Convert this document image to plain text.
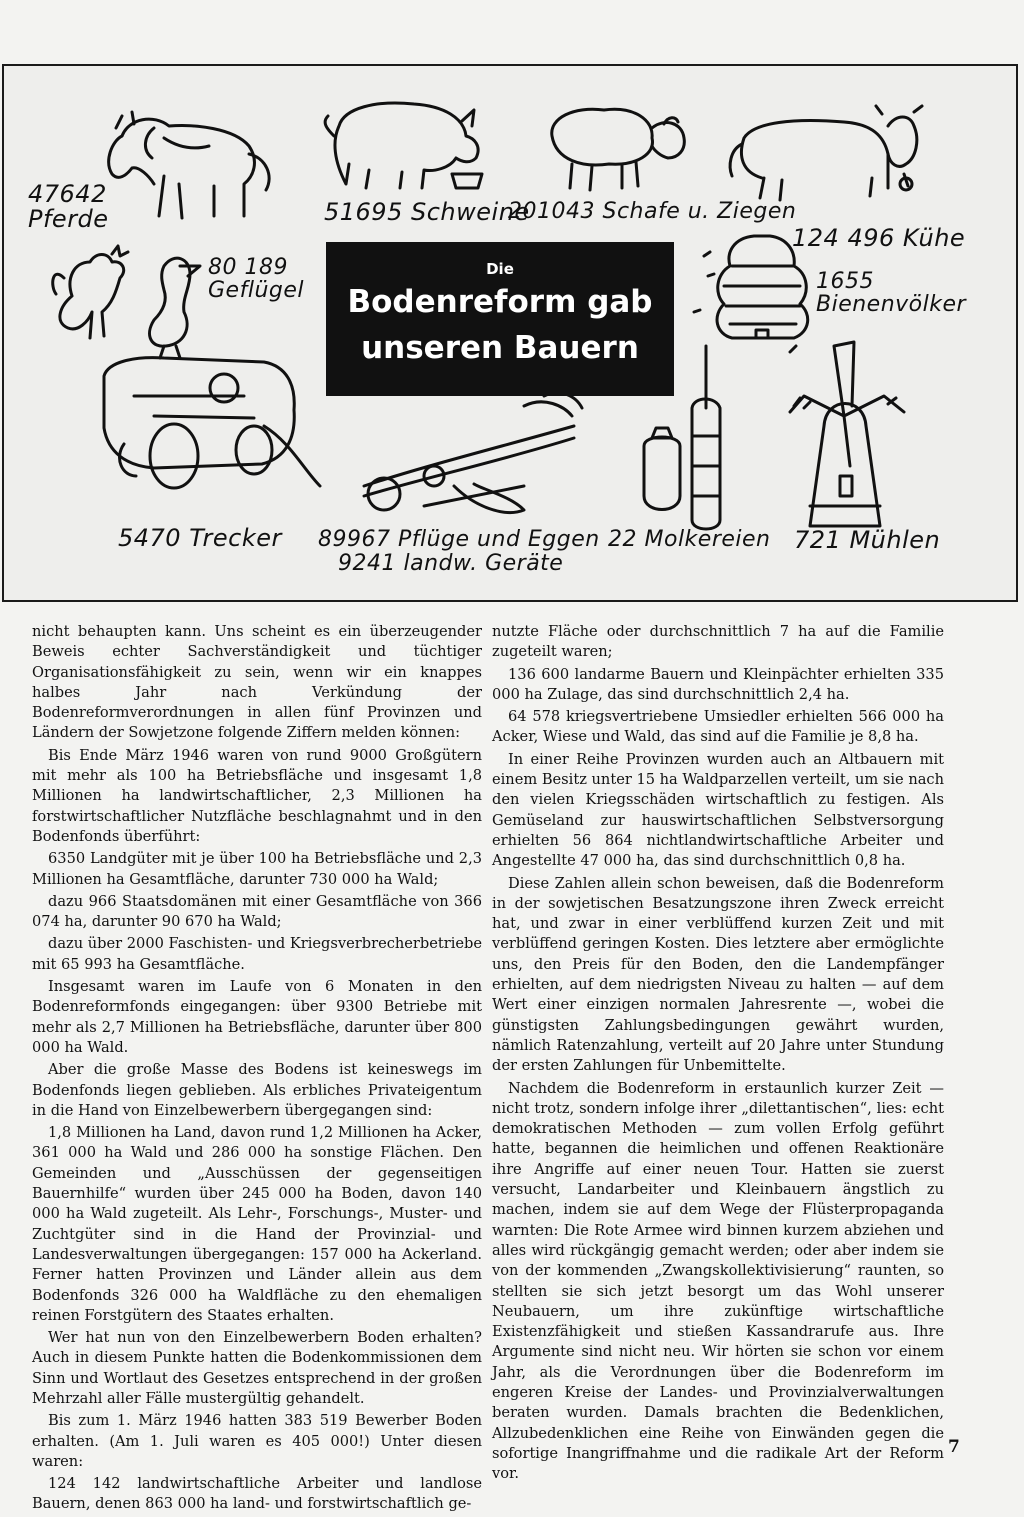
Die
Bodenreform gab
unseren Bauern
47642
Pferde	51695 Schweine
201043 Schafe u. Ziegen
124 496 Kühe
80 189
Geflügel	1655
Bienenvölker
5470 Trecker 89967 Pflüge und Eggen
9241 landw. Geräte
22 Molkereien 721 Mühlen

nicht behaupten kann. Uns scheint es ein überzeugender Beweis echter Sachverständigkeit und tüchtiger Organisationsfähigkeit zu sein, wenn wir ein knappes halbes Jahr nach Verkündung der Bodenreformverordnungen in allen fünf Provinzen und Ländern der Sowjetzone folgende Ziffern melden können:

Bis Ende März 1946 waren von rund 9000 Großgütern mit mehr als 100 ha Betriebsfläche und insgesamt 1,8 Millionen ha landwirtschaftlicher, 2,3 Millionen ha forstwirtschaftlicher Nutzfläche beschlagnahmt und in den Bodenfonds überführt:

6350 Landgüter mit je über 100 ha Betriebsfläche und 2,3 Millionen ha Gesamtfläche, darunter 730 000 ha Wald;

dazu 966 Staatsdomänen mit einer Gesamtfläche von 366 074 ha, darunter 90 670 ha Wald;

dazu über 2000 Faschisten- und Kriegsverbrecherbetriebe mit 65 993 ha Gesamtfläche.

Insgesamt waren im Laufe von 6 Monaten in den Bodenreformfonds eingegangen: über 9300 Betriebe mit mehr als 2,7 Millionen ha Betriebsfläche, darunter über 800 000 ha Wald.

Aber die große Masse des Bodens ist keineswegs im Bodenfonds liegen geblieben. Als erbliches Privateigentum in die Hand von Einzelbewerbern übergegangen sind:

1,8 Millionen ha Land, davon rund 1,2 Millionen ha Acker, 361 000 ha Wald und 286 000 ha sonstige Flächen. Den Gemeinden und „Ausschüssen der gegenseitigen Bauernhilfe“ wurden über 245 000 ha Boden, davon 140 000 ha Wald zugeteilt. Als Lehr-, Forschungs-, Muster- und Zuchtgüter sind in die Hand der Provinzial- und Landesverwaltungen übergegangen: 157 000 ha Ackerland. Ferner hatten Provinzen und Länder allein aus dem Bodenfonds 326 000 ha Waldfläche zu den ehemaligen reinen Forstgütern des Staates erhalten.

Wer hat nun von den Einzelbewerbern Boden erhalten? Auch in diesem Punkte hatten die Bodenkommissionen dem Sinn und Wortlaut des Gesetzes entsprechend in der großen Mehrzahl aller Fälle mustergültig gehandelt.

Bis zum 1. März 1946 hatten 383 519 Bewerber Boden erhalten. (Am 1. Juli waren es 405 000!) Unter diesen waren:

124 142 landwirtschaftliche Arbeiter und landlose Bauern, denen 863 000 ha land- und forstwirtschaftlich ge-

nutzte Fläche oder durchschnittlich 7 ha auf die Familie zugeteilt waren;

136 600 landarme Bauern und Kleinpächter erhielten 335 000 ha Zulage, das sind durchschnittlich 2,4 ha.

64 578 kriegsvertriebene Umsiedler erhielten 566 000 ha Acker, Wiese und Wald, das sind auf die Familie je 8,8 ha.

In einer Reihe Provinzen wurden auch an Altbauern mit einem Besitz unter 15 ha Waldparzellen verteilt, um sie nach den vielen Kriegsschäden wirtschaftlich zu festigen. Als Gemüseland zur hauswirtschaftlichen Selbstversorgung erhielten 56 864 nichtlandwirtschaftliche Arbeiter und Angestellte 47 000 ha, das sind durchschnittlich 0,8 ha.

Diese Zahlen allein schon beweisen, daß die Bodenreform in der sowjetischen Besatzungszone ihren Zweck erreicht hat, und zwar in einer verblüffend kurzen Zeit und mit verblüffend geringen Kosten. Dies letztere aber ermöglichte uns, den Preis für den Boden, den die Landempfänger erhielten, auf dem niedrigsten Niveau zu halten — auf dem Wert einer einzigen normalen Jahresrente —, wobei die günstigsten Zahlungsbedingungen gewährt wurden, nämlich Ratenzahlung, verteilt auf 20 Jahre unter Stundung der ersten Zahlungen für Unbemittelte.

Nachdem die Bodenreform in erstaunlich kurzer Zeit — nicht trotz, sondern infolge ihrer „dilettantischen“, lies: echt demokratischen Methoden — zum vollen Erfolg geführt hatte, begannen die heimlichen und offenen Reaktionäre ihre Angriffe auf einer neuen Tour. Hatten sie zuerst versucht, Landarbeiter und Kleinbauern ängstlich zu machen, indem sie auf dem Wege der Flüsterpropaganda warnten: Die Rote Armee wird binnen kurzem abziehen und alles wird rückgängig gemacht werden; oder aber indem sie von der kommenden „Zwangskollektivisierung“ raunten, so stellten sie sich jetzt besorgt um das Wohl unserer Neubauern, um ihre zukünftige wirtschaftliche Existenzfähigkeit und stießen Kassandrarufe aus. Ihre Argumente sind nicht neu. Wir hörten sie schon vor einem Jahr, als die Verordnungen über die Bodenreform im engeren Kreise der Landes- und Provinzialverwaltungen beraten wurden. Damals brachten die Bedenklichen, Allzubedenklichen eine Reihe von Einwänden gegen die sofortige Inangriffnahme und die radikale Art der Reform vor.

7
